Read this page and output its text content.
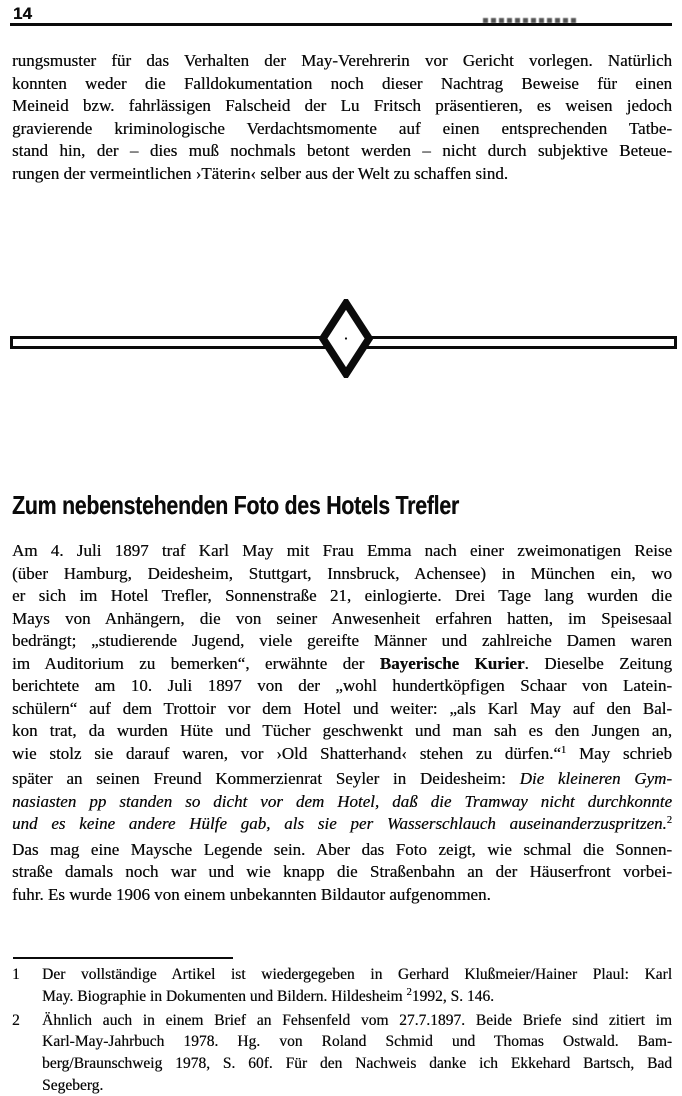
14
rungsmuster für das Verhalten der May-Verehrerin vor Gericht vorlegen. Natürlich
konnten weder die Falldokumentation noch dieser Nachtrag Beweise für einen
Meineid bzw. fahrlässigen Falscheid der Lu Fritsch präsentieren, es weisen jedoch
gravierende kriminologische Verdachtsmomente auf einen entsprechenden Tatbe-
stand hin, der – dies muß nochmals betont werden – nicht durch subjektive Beteue-
rungen der vermeintlichen ›Täterin‹ selber aus der Welt zu schaffen sind.
Zum nebenstehenden Foto des Hotels Trefler
Am 4. Juli 1897 traf Karl May mit Frau Emma nach einer zweimonatigen Reise
(über Hamburg, Deidesheim, Stuttgart, Innsbruck, Achensee) in München ein, wo
er sich im Hotel Trefler, Sonnenstraße 21, einlogierte. Drei Tage lang wurden die
Mays von Anhängern, die von seiner Anwesenheit erfahren hatten, im Speisesaal
bedrängt; „studierende Jugend, viele gereifte Männer und zahlreiche Damen waren
im Auditorium zu bemerken“, erwähnte der Bayerische Kurier. Dieselbe Zeitung
berichtete am 10. Juli 1897 von der „wohl hundertköpfigen Schaar von Latein-
schülern“ auf dem Trottoir vor dem Hotel und weiter: „als Karl May auf den Bal-
kon trat, da wurden Hüte und Tücher geschwenkt und man sah es den Jungen an,
wie stolz sie darauf waren, vor ›Old Shatterhand‹ stehen zu dürfen.“$^1$ May schrieb
später an seinen Freund Kommerzienrat Seyler in Deidesheim: Die kleineren Gym-
nasiasten pp standen so dicht vor dem Hotel, daß die Tramway nicht durchkonnte
und es keine andere Hülfe gab, als sie per Wasserschlauch auseinanderzuspritzen.$^2$
Das mag eine Maysche Legende sein. Aber das Foto zeigt, wie schmal die Sonnen-
straße damals noch war und wie knapp die Straßenbahn an der Häuserfront vorbei-
fuhr. Es wurde 1906 von einem unbekannten Bildautor aufgenommen.
1	Der vollständige Artikel ist wiedergegeben in Gerhard Klußmeier/Hainer Plaul: Karl
May. Biographie in Dokumenten und Bildern. Hildesheim $^2$1992, S. 146.
2	Ähnlich auch in einem Brief an Fehsenfeld vom 27.7.1897. Beide Briefe sind zitiert im
Karl-May-Jahrbuch 1978. Hg. von Roland Schmid und Thomas Ostwald. Bam-
berg/Braunschweig 1978, S. 60f. Für den Nachweis danke ich Ekkehard Bartsch, Bad
Segeberg.
